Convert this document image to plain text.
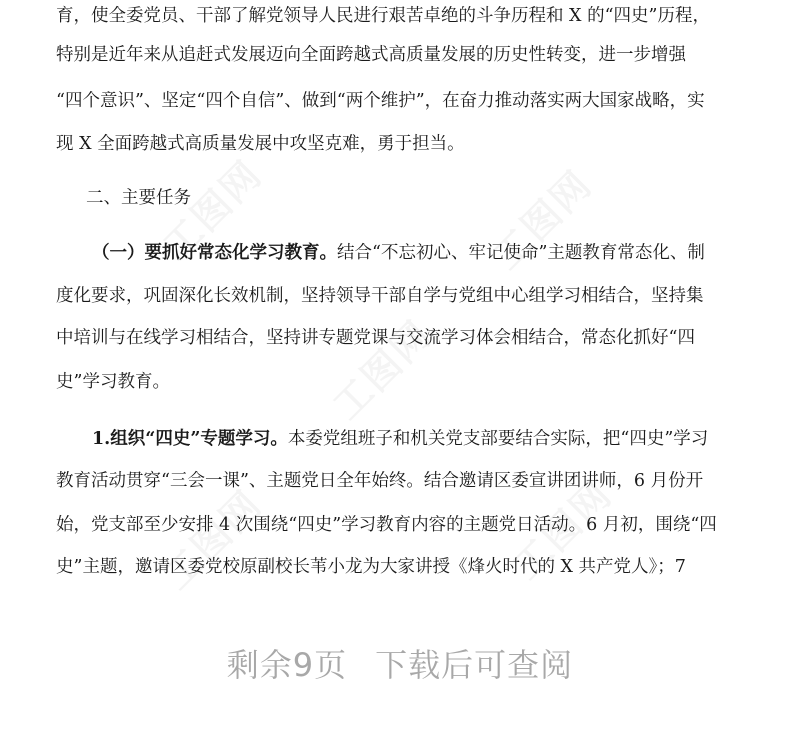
育，使全委党员、干部了解党领导人民进行艰苦卓绝的斗争历程和 X 的“四史”历程，
特别是近年来从追赶式发展迈向全面跨越式高质量发展的历史性转变，进一步增强
“四个意识”、坚定“四个自信”、做到“两个维护”，在奋力推动落实两大国家战略，实
现 X 全面跨越式高质量发展中攻坚克难，勇于担当。
二、主要任务
（一）要抓好常态化学习教育。结合“不忘初心、牢记使命”主题教育常态化、制
度化要求，巩固深化长效机制，坚持领导干部自学与党组中心组学习相结合，坚持集
中培训与在线学习相结合，坚持讲专题党课与交流学习体会相结合，常态化抓好“四
史”学习教育。
1.组织“四史”专题学习。本委党组班子和机关党支部要结合实际，把“四史”学习
教育活动贯穿“三会一课”、主题党日全年始终。结合邀请区委宣讲团讲师，6 月份开
始，党支部至少安排 4 次围绕“四史”学习教育内容的主题党日活动。6 月初，围绕“四
史”主题，邀请区委党校原副校长苇小龙为大家讲授《烽火时代的 X 共产党人》；7
剩余9页 下载后可查阅
